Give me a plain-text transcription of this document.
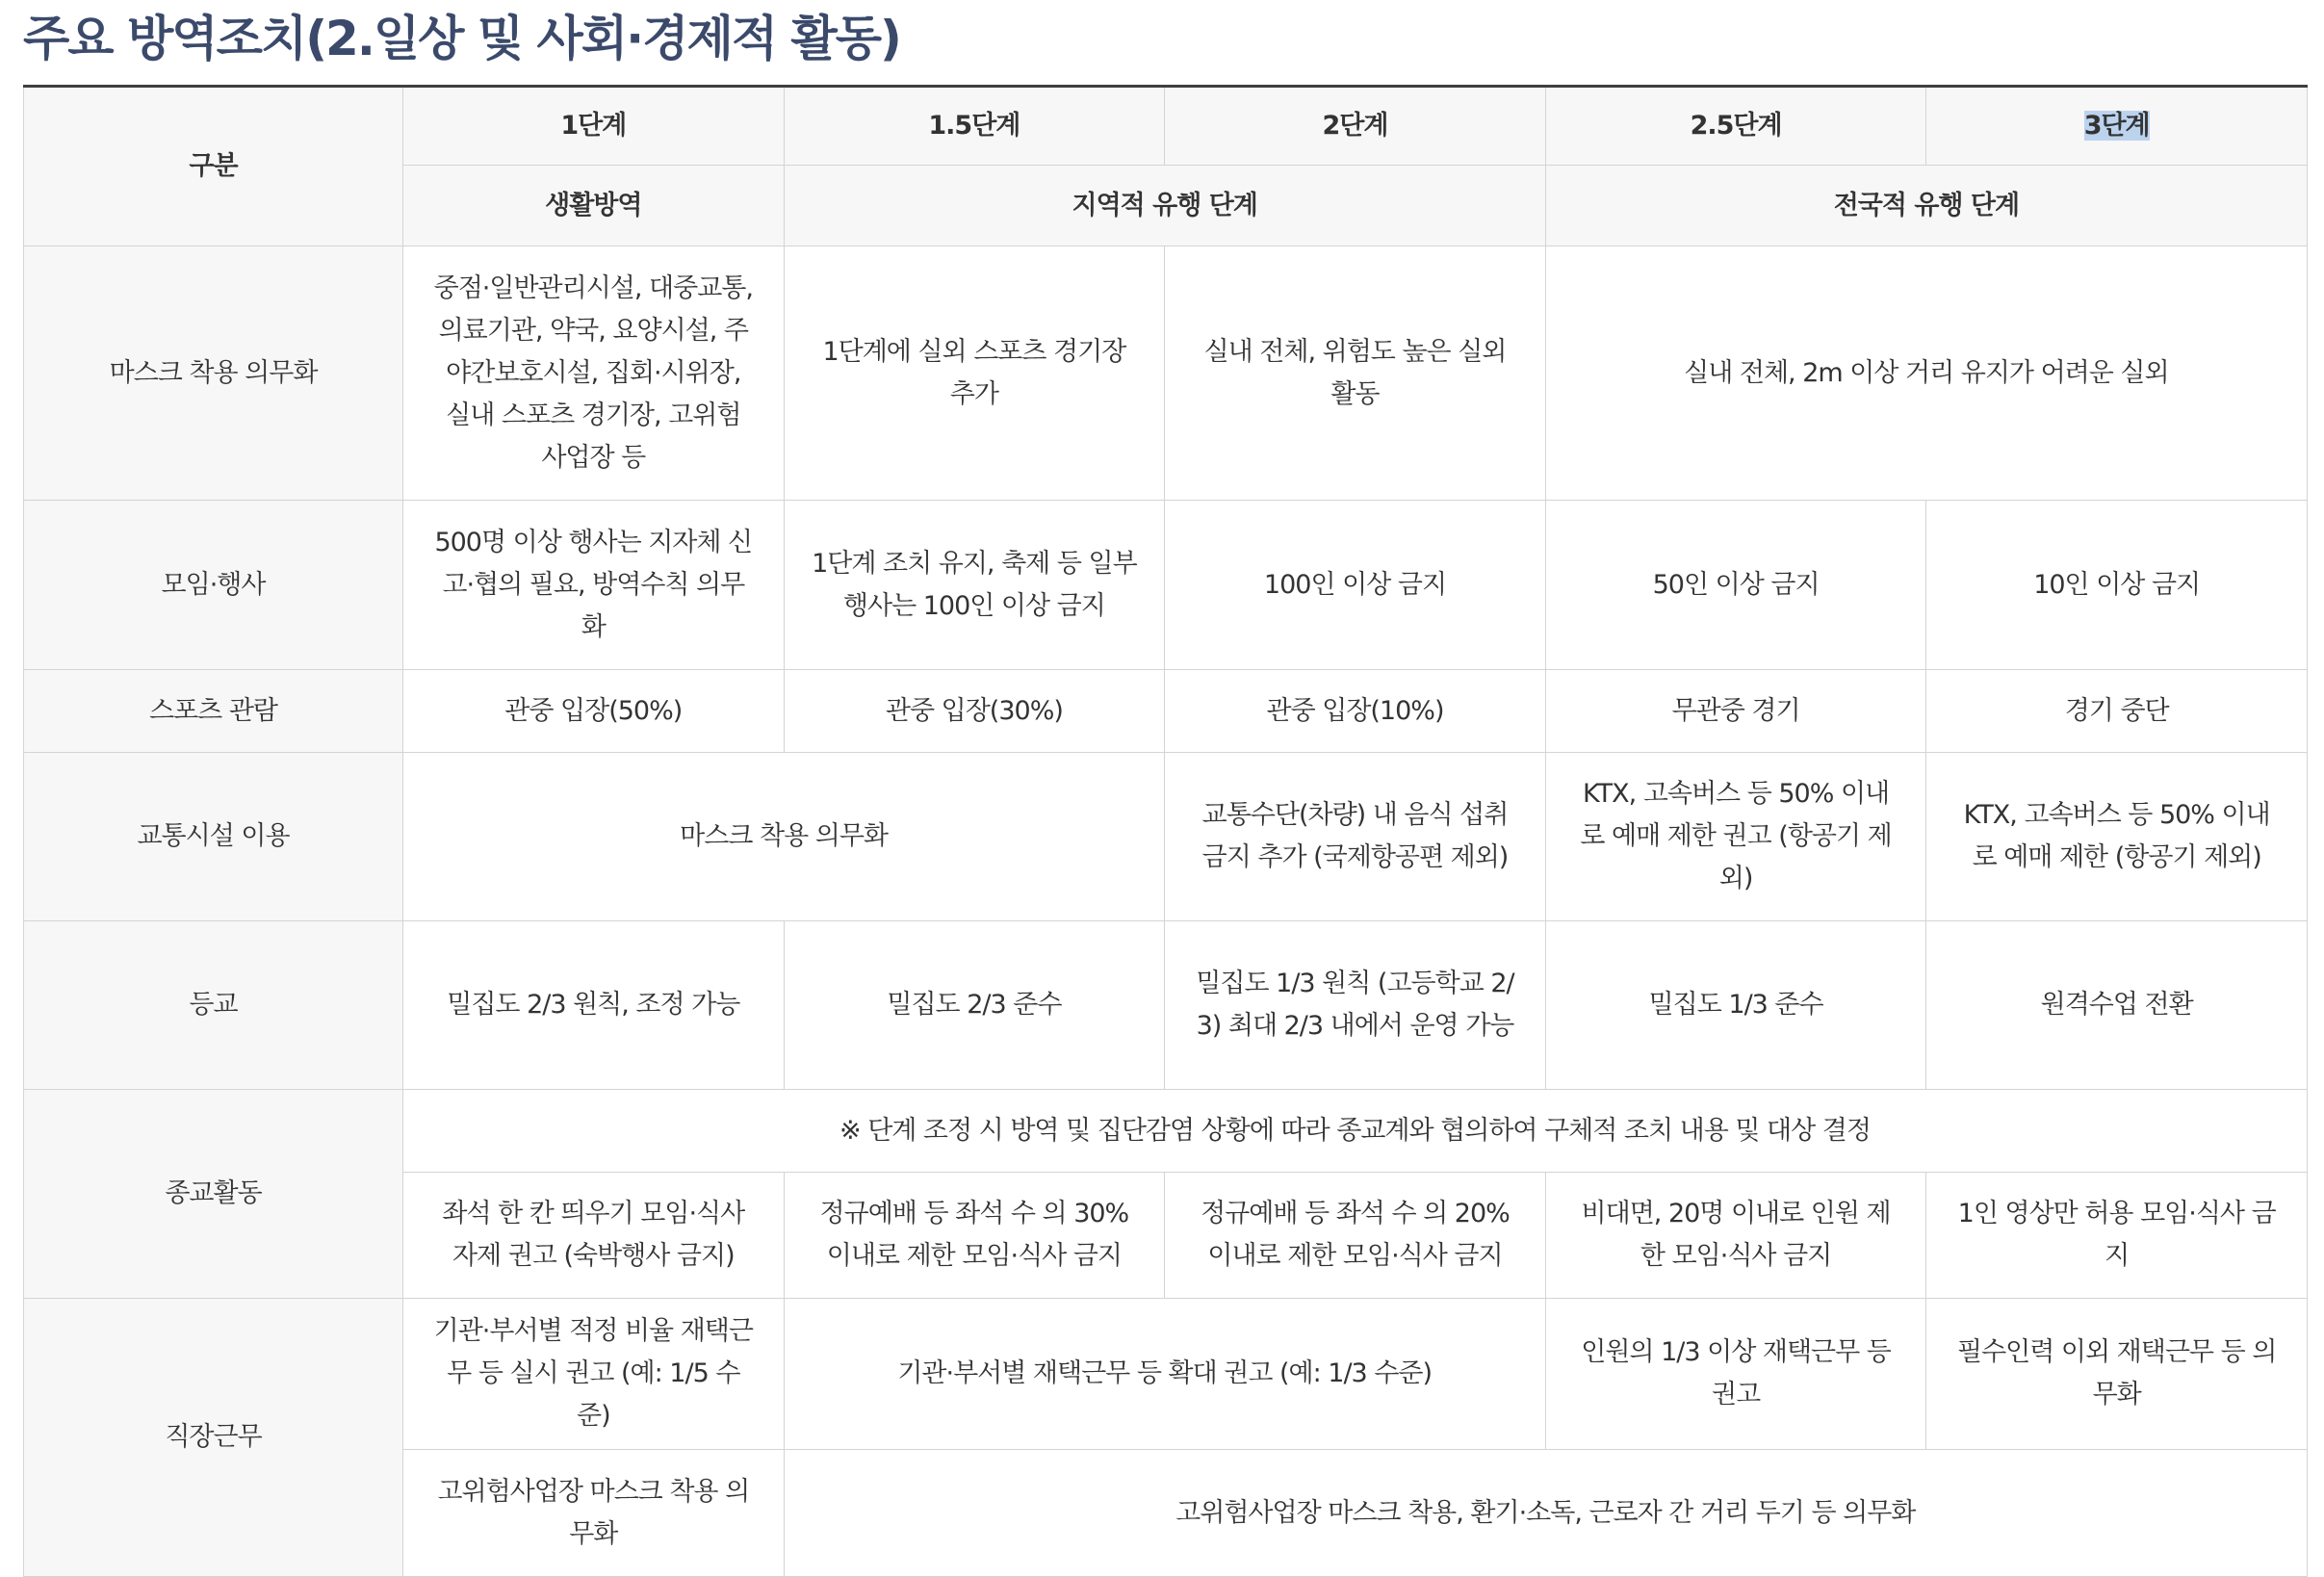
주요 방역조치(2.일상 및 사회·경제적 활동)
구분	1단계	1.5단계	2단계	2.5단계	3단계
	생활방역	지역적 유행 단계		전국적 유행 단계	
마스크 착용 의무화	중점·일반관리시설, 대중교통, 의료기관, 약국, 요양시설, 주야간보호시설, 집회·시위장, 실내 스포츠 경기장, 고위험 사업장 등	1단계에 실외 스포츠 경기장 추가	실내 전체, 위험도 높은 실외 활동	실내 전체, 2m 이상 거리 유지가 어려운 실외	
모임·행사	500명 이상 행사는 지자체 신고·협의 필요, 방역수칙 의무화	1단계 조치 유지, 축제 등 일부 행사는 100인 이상 금지	100인 이상 금지	50인 이상 금지	10인 이상 금지
스포츠 관람	관중 입장(50%)	관중 입장(30%)	관중 입장(10%)	무관중 경기	경기 중단
교통시설 이용	마스크 착용 의무화		교통수단(차량) 내 음식 섭취 금지 추가 (국제항공편 제외)	KTX, 고속버스 등 50% 이내로 예매 제한 권고 (항공기 제외)	KTX, 고속버스 등 50% 이내로 예매 제한 (항공기 제외)
등교	밀집도 2/3 원칙, 조정 가능	밀집도 2/3 준수	밀집도 1/3 원칙 (고등학교 2/3) 최대 2/3 내에서 운영 가능	밀집도 1/3 준수	원격수업 전환
종교활동	※ 단계 조정 시 방역 및 집단감염 상황에 따라 종교계와 협의하여 구체적 조치 내용 및 대상 결정				
	좌석 한 칸 띄우기 모임·식사 자제 권고 (숙박행사 금지)	정규예배 등 좌석 수 의 30% 이내로 제한 모임·식사 금지	정규예배 등 좌석 수 의 20% 이내로 제한 모임·식사 금지	비대면, 20명 이내로 인원 제한 모임·식사 금지	1인 영상만 허용 모임·식사 금지
직장근무	기관·부서별 적정 비율 재택근무 등 실시 권고 (예: 1/5 수준)	기관·부서별 재택근무 등 확대 권고 (예: 1/3 수준)		인원의 1/3 이상 재택근무 등 권고	필수인력 이외 재택근무 등 의무화
	고위험사업장 마스크 착용 의무화	고위험사업장 마스크 착용, 환기·소독, 근로자 간 거리 두기 등 의무화			
